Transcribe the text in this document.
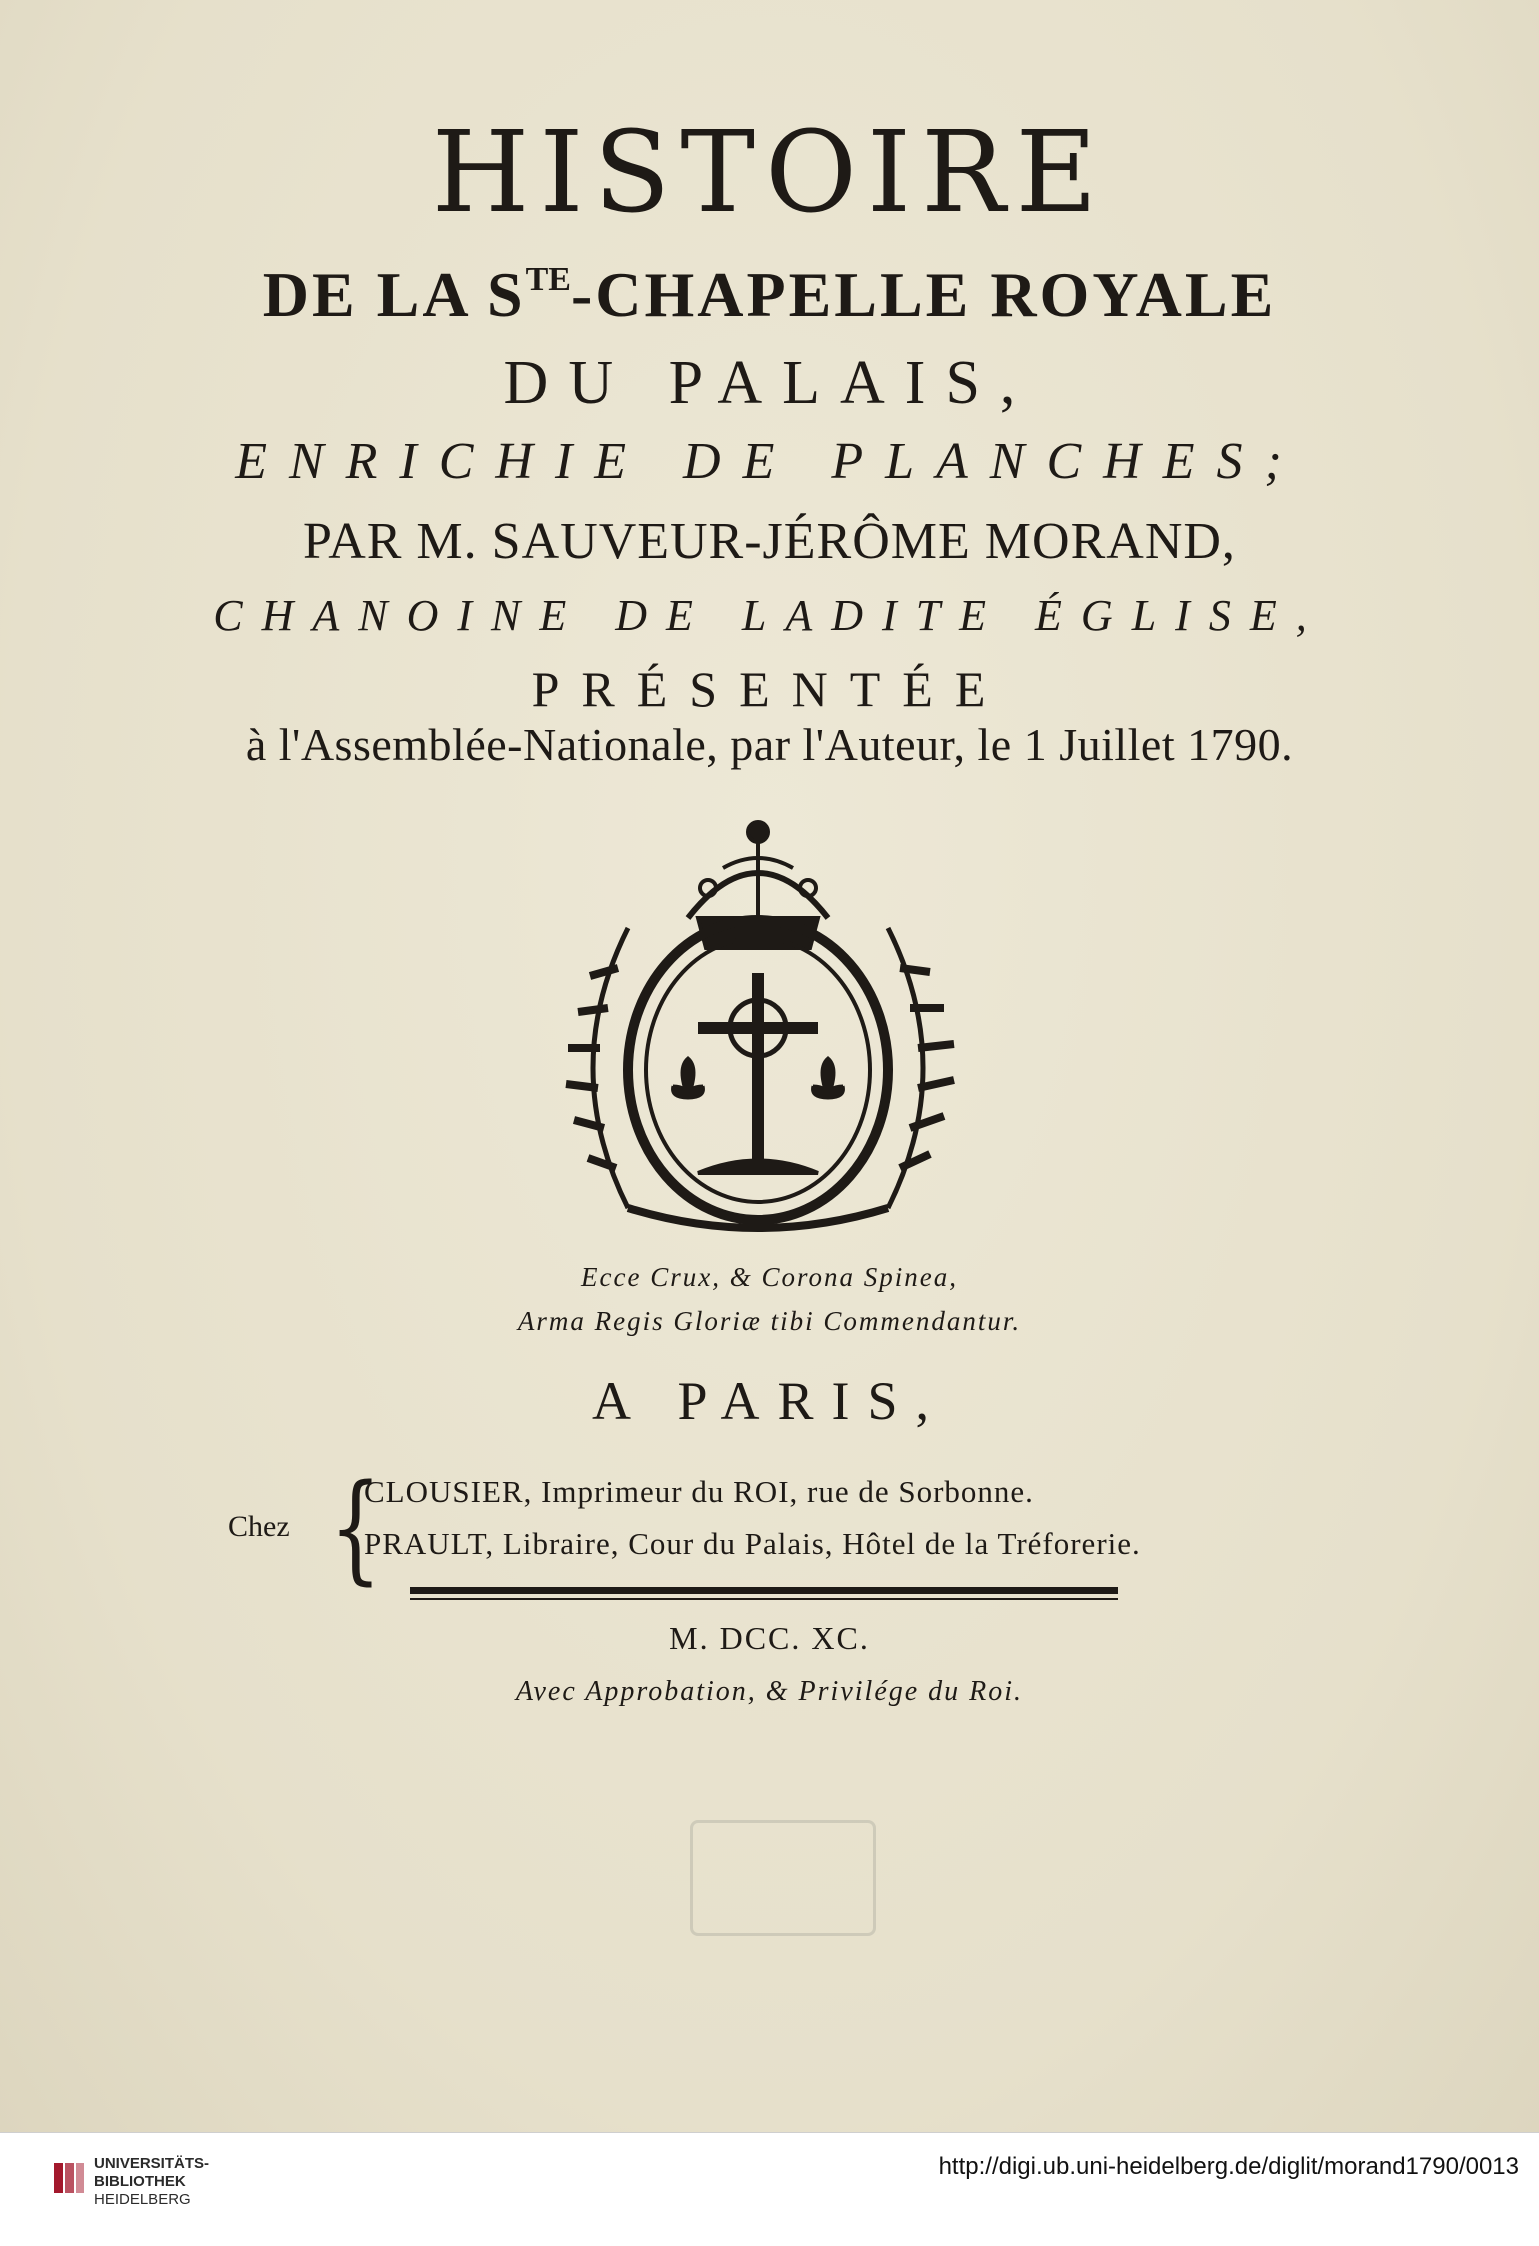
HISTOIRE
DE LA $S^{TE}$-CHAPELLE ROYALE
DU PALAIS,
ENRICHIE DE PLANCHES;
PAR M. SAUVEUR-JÉRÔME MORAND,
CHANOINE DE LADITE ÉGLISE,
PRÉSENTÉE
à l'Assemblée-Nationale, par l'Auteur, le 1 Juillet 1790.
Ecce Crux, & Corona Spinea,
Arma Regis Gloriæ tibi Commendantur.
A PARIS,
Chez {
CLOUSIER, Imprimeur du ROI, rue de Sorbonne.
PRAULT, Libraire, Cour du Palais, Hôtel de la Tréforerie.
M. DCC. XC.
Avec Approbation, & Privilége du Roi.
UNIVERSITÄTS-
BIBLIOTHEK
HEIDELBERG
http://digi.ub.uni-heidelberg.de/diglit/morand1790/0013
